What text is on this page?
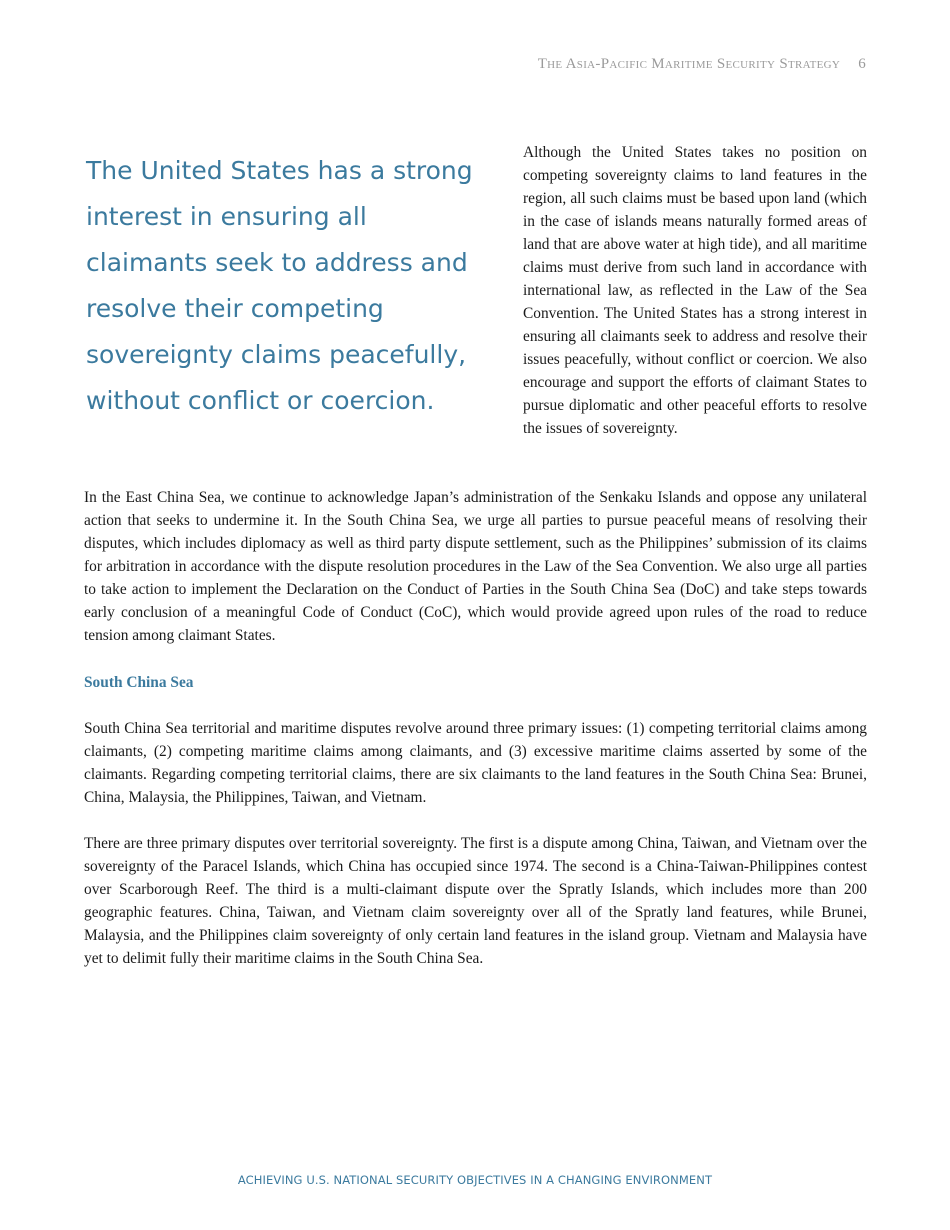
The Asia-Pacific Maritime Security Strategy 6

The United States has a strong interest in ensuring all claimants seek to address and resolve their competing sovereignty claims peacefully, without conflict or coercion.

Although the United States takes no position on competing sovereignty claims to land features in the region, all such claims must be based upon land (which in the case of islands means naturally formed areas of land that are above water at high tide), and all maritime claims must derive from such land in accordance with international law, as reflected in the Law of the Sea Convention. The United States has a strong interest in ensuring all claimants seek to address and resolve their issues peacefully, without conflict or coercion. We also encourage and support the efforts of claimant States to pursue diplomatic and other peaceful efforts to resolve the issues of sovereignty.

In the East China Sea, we continue to acknowledge Japan’s administration of the Senkaku Islands and oppose any unilateral action that seeks to undermine it. In the South China Sea, we urge all parties to pursue peaceful means of resolving their disputes, which includes diplomacy as well as third party dispute settlement, such as the Philippines’ submission of its claims for arbitration in accordance with the dispute resolution procedures in the Law of the Sea Convention. We also urge all parties to take action to implement the Declaration on the Conduct of Parties in the South China Sea (DoC) and take steps towards early conclusion of a meaningful Code of Conduct (CoC), which would provide agreed upon rules of the road to reduce tension among claimant States.

South China Sea

South China Sea territorial and maritime disputes revolve around three primary issues: (1) competing territorial claims among claimants, (2) competing maritime claims among claimants, and (3) excessive maritime claims asserted by some of the claimants. Regarding competing territorial claims, there are six claimants to the land features in the South China Sea: Brunei, China, Malaysia, the Philippines, Taiwan, and Vietnam.

There are three primary disputes over territorial sovereignty. The first is a dispute among China, Taiwan, and Vietnam over the sovereignty of the Paracel Islands, which China has occupied since 1974. The second is a China-Taiwan-Philippines contest over Scarborough Reef. The third is a multi-claimant dispute over the Spratly Islands, which includes more than 200 geographic features. China, Taiwan, and Vietnam claim sovereignty over all of the Spratly land features, while Brunei, Malaysia, and the Philippines claim sovereignty of only certain land features in the island group. Vietnam and Malaysia have yet to delimit fully their maritime claims in the South China Sea.

ACHIEVING U.S. NATIONAL SECURITY OBJECTIVES IN A CHANGING ENVIRONMENT
